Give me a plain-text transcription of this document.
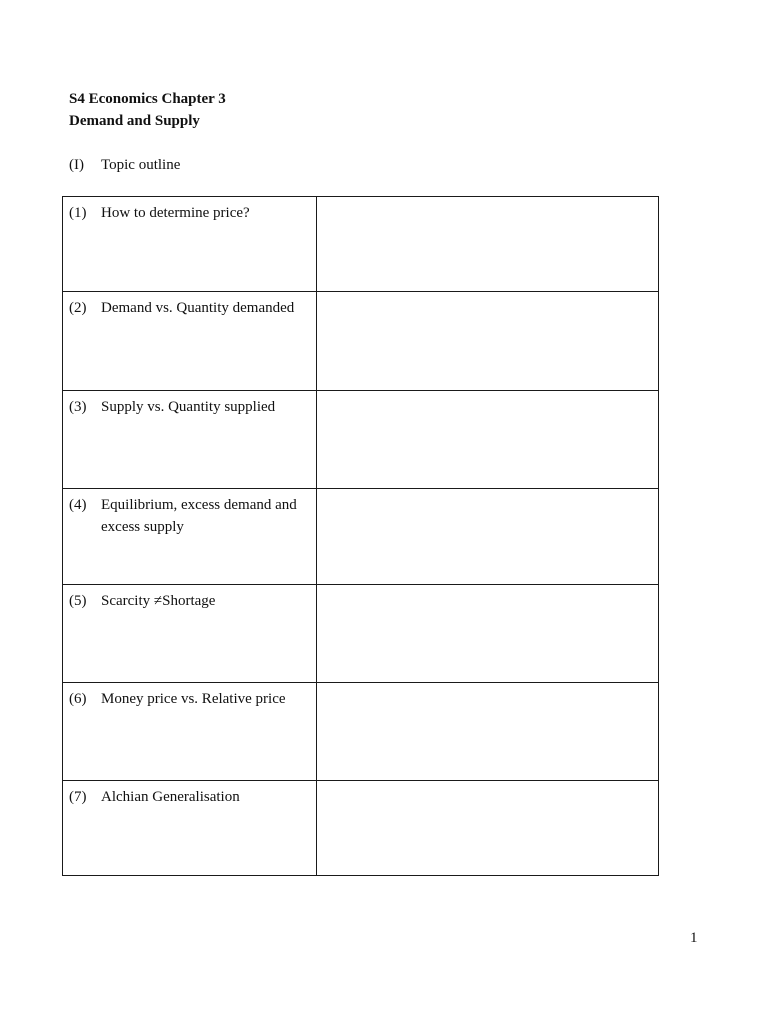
S4 Economics Chapter 3
Demand and Supply
(I) Topic outline
(1) How to determine price?	

(2) Demand vs. Quantity demanded	

(3) Supply vs. Quantity supplied	

(4) Equilibrium, excess demand and excess supply	

(5) Scarcity ≠Shortage	

(6) Money price vs. Relative price	

(7) Alchian Generalisation	

1
